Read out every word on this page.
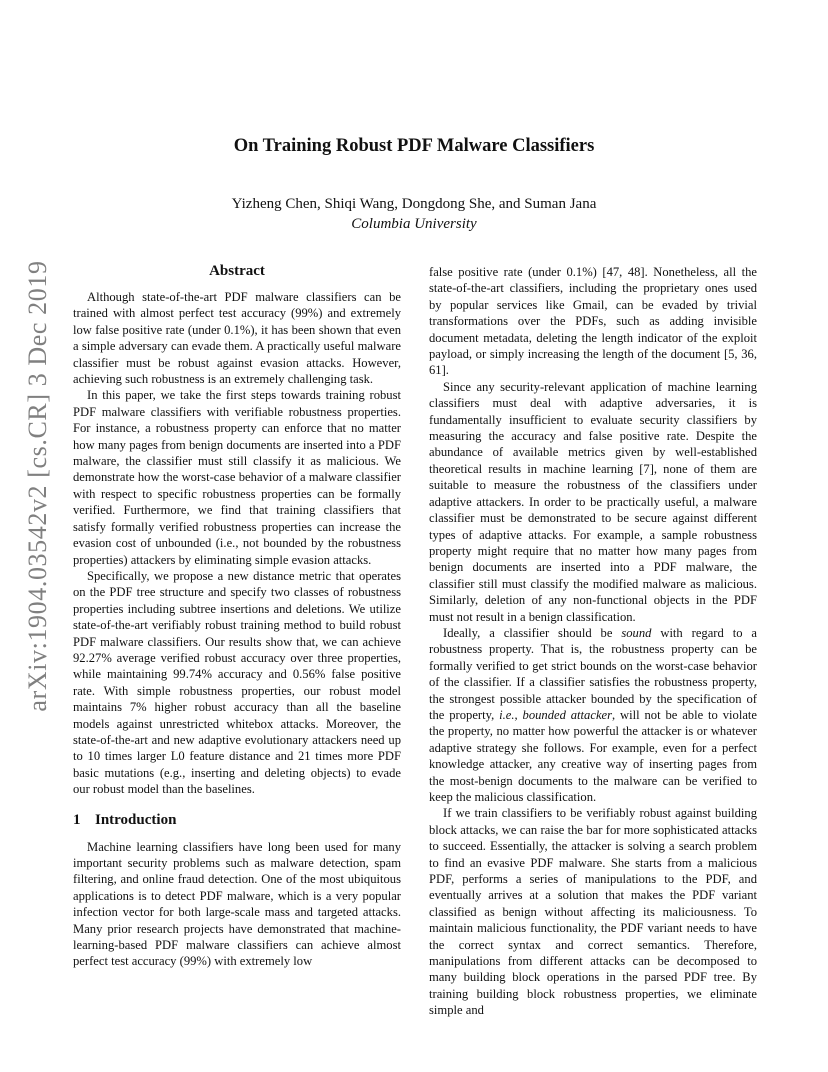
arXiv:1904.03542v2 [cs.CR] 3 Dec 2019
On Training Robust PDF Malware Classifiers
Yizheng Chen, Shiqi Wang, Dongdong She, and Suman Jana
Columbia University
Abstract

Although state-of-the-art PDF malware classifiers can be trained with almost perfect test accuracy (99%) and extremely low false positive rate (under 0.1%), it has been shown that even a simple adversary can evade them. A practically useful malware classifier must be robust against evasion attacks. However, achieving such robustness is an extremely challenging task.

In this paper, we take the first steps towards training robust PDF malware classifiers with verifiable robustness properties. For instance, a robustness property can enforce that no matter how many pages from benign documents are inserted into a PDF malware, the classifier must still classify it as malicious. We demonstrate how the worst-case behavior of a malware classifier with respect to specific robustness properties can be formally verified. Furthermore, we find that training classifiers that satisfy formally verified robustness properties can increase the evasion cost of unbounded (i.e., not bounded by the robustness properties) attackers by eliminating simple evasion attacks.

Specifically, we propose a new distance metric that operates on the PDF tree structure and specify two classes of robustness properties including subtree insertions and deletions. We utilize state-of-the-art verifiably robust training method to build robust PDF malware classifiers. Our results show that, we can achieve 92.27% average verified robust accuracy over three properties, while maintaining 99.74% accuracy and 0.56% false positive rate. With simple robustness properties, our robust model maintains 7% higher robust accuracy than all the baseline models against unrestricted whitebox attacks. Moreover, the state-of-the-art and new adaptive evolutionary attackers need up to 10 times larger L0 feature distance and 21 times more PDF basic mutations (e.g., inserting and deleting objects) to evade our robust model than the baselines.

1 Introduction

Machine learning classifiers have long been used for many important security problems such as malware detection, spam filtering, and online fraud detection. One of the most ubiquitous applications is to detect PDF malware, which is a very popular infection vector for both large-scale mass and targeted attacks. Many prior research projects have demonstrated that machine-learning-based PDF malware classifiers can achieve almost perfect test accuracy (99%) with extremely low

false positive rate (under 0.1%) [47, 48]. Nonetheless, all the state-of-the-art classifiers, including the proprietary ones used by popular services like Gmail, can be evaded by trivial transformations over the PDFs, such as adding invisible document metadata, deleting the length indicator of the exploit payload, or simply increasing the length of the document [5, 36, 61].

Since any security-relevant application of machine learning classifiers must deal with adaptive adversaries, it is fundamentally insufficient to evaluate security classifiers by measuring the accuracy and false positive rate. Despite the abundance of available metrics given by well-established theoretical results in machine learning [7], none of them are suitable to measure the robustness of the classifiers under adaptive attackers. In order to be practically useful, a malware classifier must be demonstrated to be secure against different types of adaptive attacks. For example, a sample robustness property might require that no matter how many pages from benign documents are inserted into a PDF malware, the classifier still must classify the modified malware as malicious. Similarly, deletion of any non-functional objects in the PDF must not result in a benign classification.

Ideally, a classifier should be sound with regard to a robustness property. That is, the robustness property can be formally verified to get strict bounds on the worst-case behavior of the classifier. If a classifier satisfies the robustness property, the strongest possible attacker bounded by the specification of the property, i.e., bounded attacker, will not be able to violate the property, no matter how powerful the attacker is or whatever adaptive strategy she follows. For example, even for a perfect knowledge attacker, any creative way of inserting pages from the most-benign documents to the malware can be verified to keep the malicious classification.

If we train classifiers to be verifiably robust against building block attacks, we can raise the bar for more sophisticated attacks to succeed. Essentially, the attacker is solving a search problem to find an evasive PDF malware. She starts from a malicious PDF, performs a series of manipulations to the PDF, and eventually arrives at a solution that makes the PDF variant classified as benign without affecting its maliciousness. To maintain malicious functionality, the PDF variant needs to have the correct syntax and correct semantics. Therefore, manipulations from different attacks can be decomposed to many building block operations in the parsed PDF tree. By training building block robustness properties, we eliminate simple and
